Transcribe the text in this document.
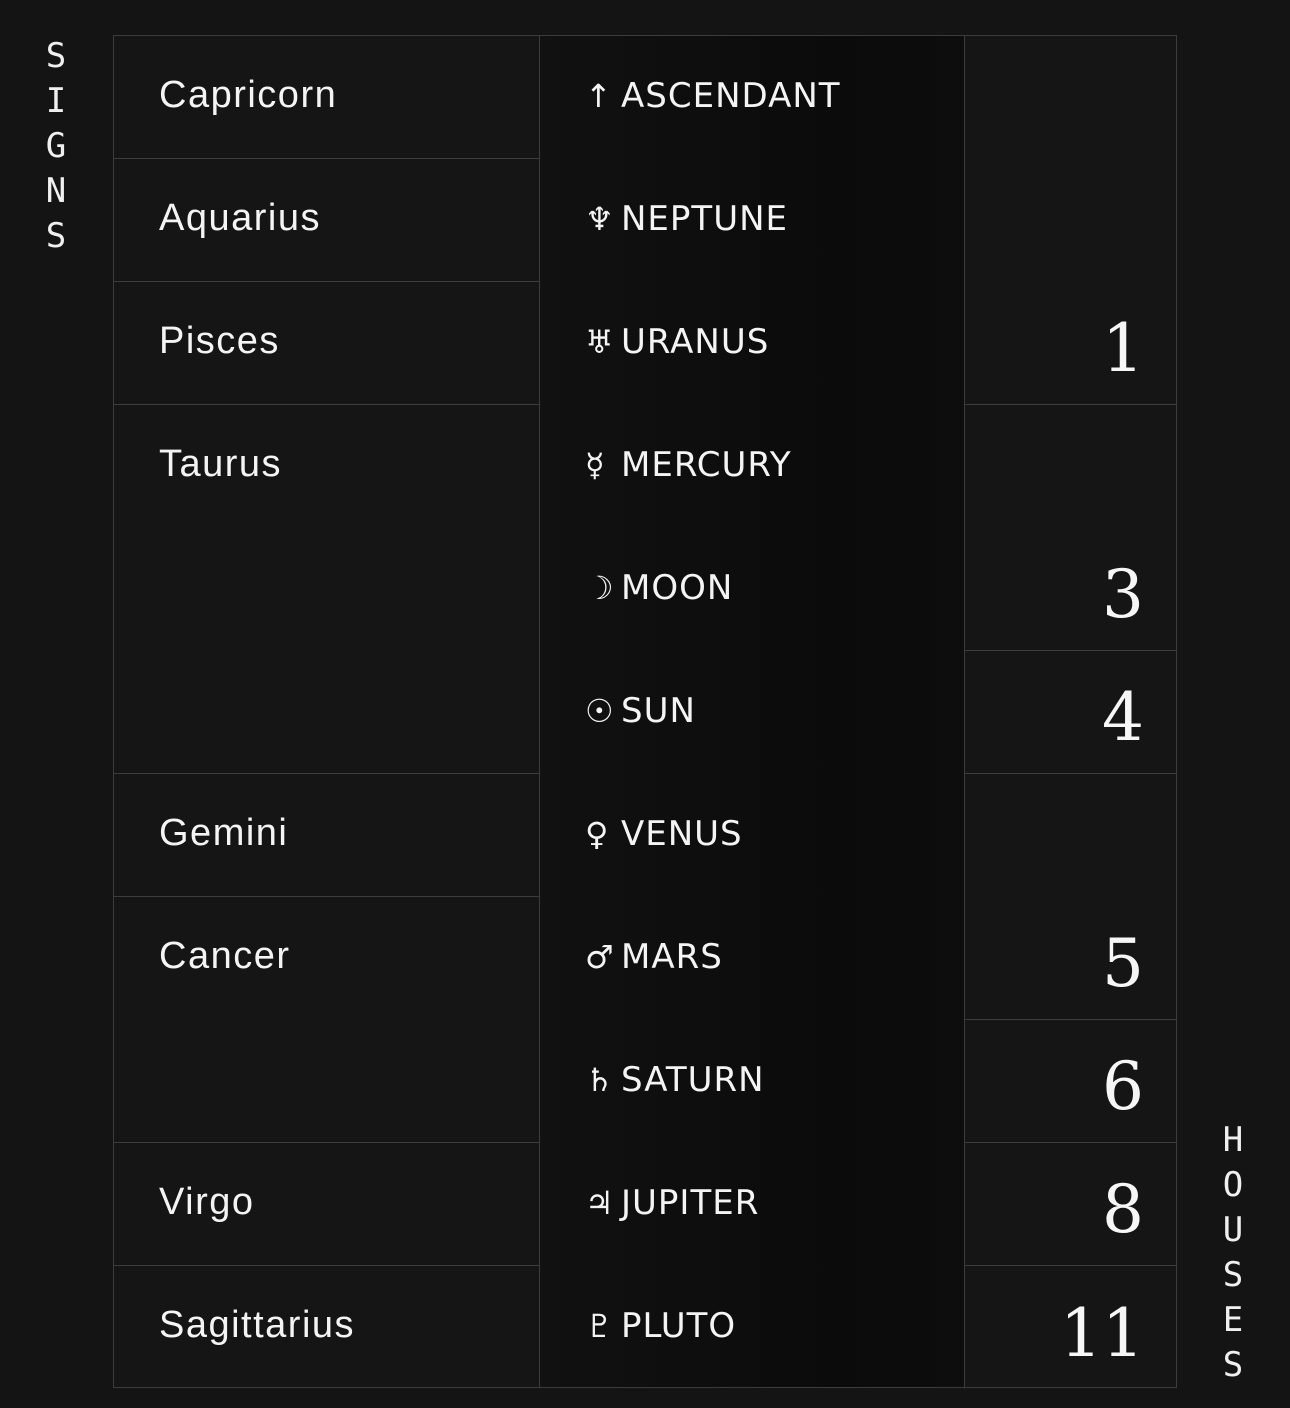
S
I
G
N
S
H
O
U
S
E
S
Capricorn
Aquarius
Pisces
Taurus
Gemini
Cancer
Virgo
Sagittarius
↑ ASCENDANT
♆ NEPTUNE
♅ URANUS
☿ MERCURY
☽ MOON
☉ SUN
♀ VENUS
♂ MARS
♄ SATURN
♃ JUPITER
♇ PLUTO
1
3
4
5
6
8
11
